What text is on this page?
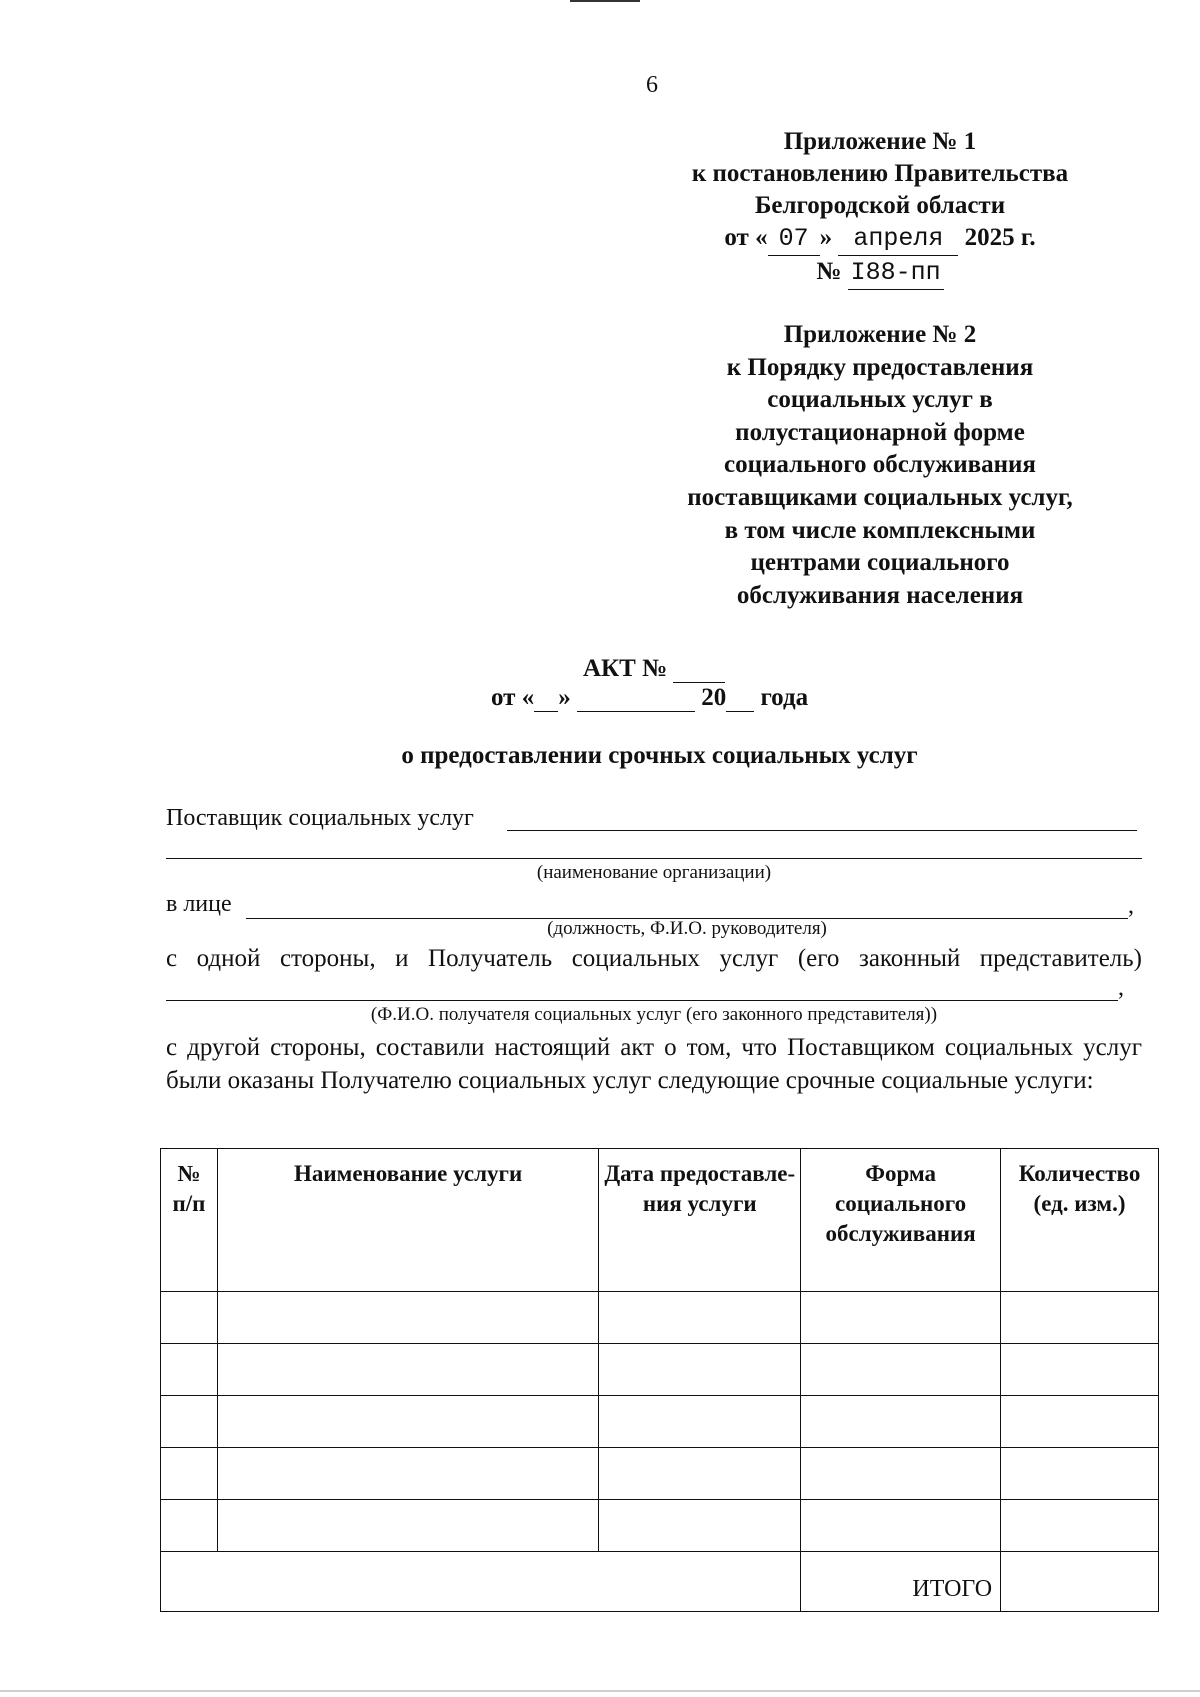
6
Приложение № 1
к постановлению Правительства
Белгородской области
от « 07 » апреля 2025 г.
№ I88-пп
Приложение № 2
к Порядку предоставления
социальных услуг в
полустационарной форме
социального обслуживания
поставщиками социальных услуг,
в том числе комплексными
центрами социального
обслуживания населения
АКТ №
от « »	20 года
о предоставлении срочных социальных услуг
Поставщик социальных услуг
(наименование организации)
в лице	,
(должность, Ф.И.О. руководителя)
с одной стороны, и Получатель социальных услуг (его законный представитель)
,
(Ф.И.О. получателя социальных услуг (его законного представителя))
с другой стороны, составили настоящий акт о том, что Поставщиком социальных услуг были оказаны Получателю социальных услуг следующие срочные социальные услуги:
№ п/п	Наименование услуги	Дата предоставле-ния услуги	Форма социального обслуживания	Количество (ед. изм.)

			ИТОГО	
